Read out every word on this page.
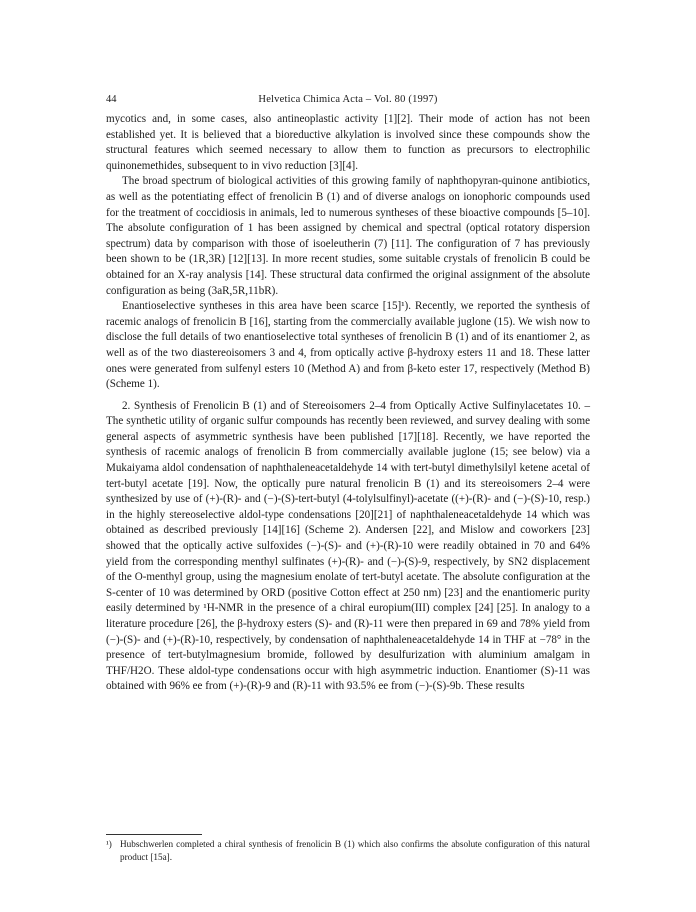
44	Helvetica Chimica Acta – Vol. 80 (1997)

mycotics and, in some cases, also antineoplastic activity [1][2]. Their mode of action has not been established yet. It is believed that a bioreductive alkylation is involved since these compounds show the structural features which seemed necessary to allow them to function as precursors to electrophilic quinonemethides, subsequent to in vivo reduction [3][4].

The broad spectrum of biological activities of this growing family of naphthopyran-quinone antibiotics, as well as the potentiating effect of frenolicin B (1) and of diverse analogs on ionophoric compounds used for the treatment of coccidiosis in animals, led to numerous syntheses of these bioactive compounds [5–10]. The absolute configuration of 1 has been assigned by chemical and spectral (optical rotatory dispersion spectrum) data by comparison with those of isoeleutherin (7) [11]. The configuration of 7 has previously been shown to be (1R,3R) [12][13]. In more recent studies, some suitable crystals of frenolicin B could be obtained for an X-ray analysis [14]. These structural data confirmed the original assignment of the absolute configuration as being (3aR,5R,11bR).

Enantioselective syntheses in this area have been scarce [15]¹). Recently, we reported the synthesis of racemic analogs of frenolicin B [16], starting from the commercially available juglone (15). We wish now to disclose the full details of two enantioselective total syntheses of frenolicin B (1) and of its enantiomer 2, as well as of the two diastereoisomers 3 and 4, from optically active β-hydroxy esters 11 and 18. These latter ones were generated from sulfenyl esters 10 (Method A) and from β-keto ester 17, respectively (Method B) (Scheme 1).

2. Synthesis of Frenolicin B (1) and of Stereoisomers 2–4 from Optically Active Sulfinylacetates 10. – The synthetic utility of organic sulfur compounds has recently been reviewed, and survey dealing with some general aspects of asymmetric synthesis have been published [17][18]. Recently, we have reported the synthesis of racemic analogs of frenolicin B from commercially available juglone (15; see below) via a Mukaiyama aldol condensation of naphthaleneacetaldehyde 14 with tert-butyl dimethylsilyl ketene acetal of tert-butyl acetate [19]. Now, the optically pure natural frenolicin B (1) and its stereoisomers 2–4 were synthesized by use of (+)-(R)- and (−)-(S)-tert-butyl (4-tolylsulfinyl)-acetate ((+)-(R)- and (−)-(S)-10, resp.) in the highly stereoselective aldol-type condensations [20][21] of naphthaleneacetaldehyde 14 which was obtained as described previously [14][16] (Scheme 2). Andersen [22], and Mislow and coworkers [23] showed that the optically active sulfoxides (−)-(S)- and (+)-(R)-10 were readily obtained in 70 and 64% yield from the corresponding menthyl sulfinates (+)-(R)- and (−)-(S)-9, respectively, by SN2 displacement of the O-menthyl group, using the magnesium enolate of tert-butyl acetate. The absolute configuration at the S-center of 10 was determined by ORD (positive Cotton effect at 250 nm) [23] and the enantiomeric purity easily determined by ¹H-NMR in the presence of a chiral europium(III) complex [24] [25]. In analogy to a literature procedure [26], the β-hydroxy esters (S)- and (R)-11 were then prepared in 69 and 78% yield from (−)-(S)- and (+)-(R)-10, respectively, by condensation of naphthaleneacetaldehyde 14 in THF at −78° in the presence of tert-butylmagnesium bromide, followed by desulfurization with aluminium amalgam in THF/H2O. These aldol-type condensations occur with high asymmetric induction. Enantiomer (S)-11 was obtained with 96% ee from (+)-(R)-9 and (R)-11 with 93.5% ee from (−)-(S)-9b. These results

¹) Hubschwerlen completed a chiral synthesis of frenolicin B (1) which also confirms the absolute configuration of this natural product [15a].
